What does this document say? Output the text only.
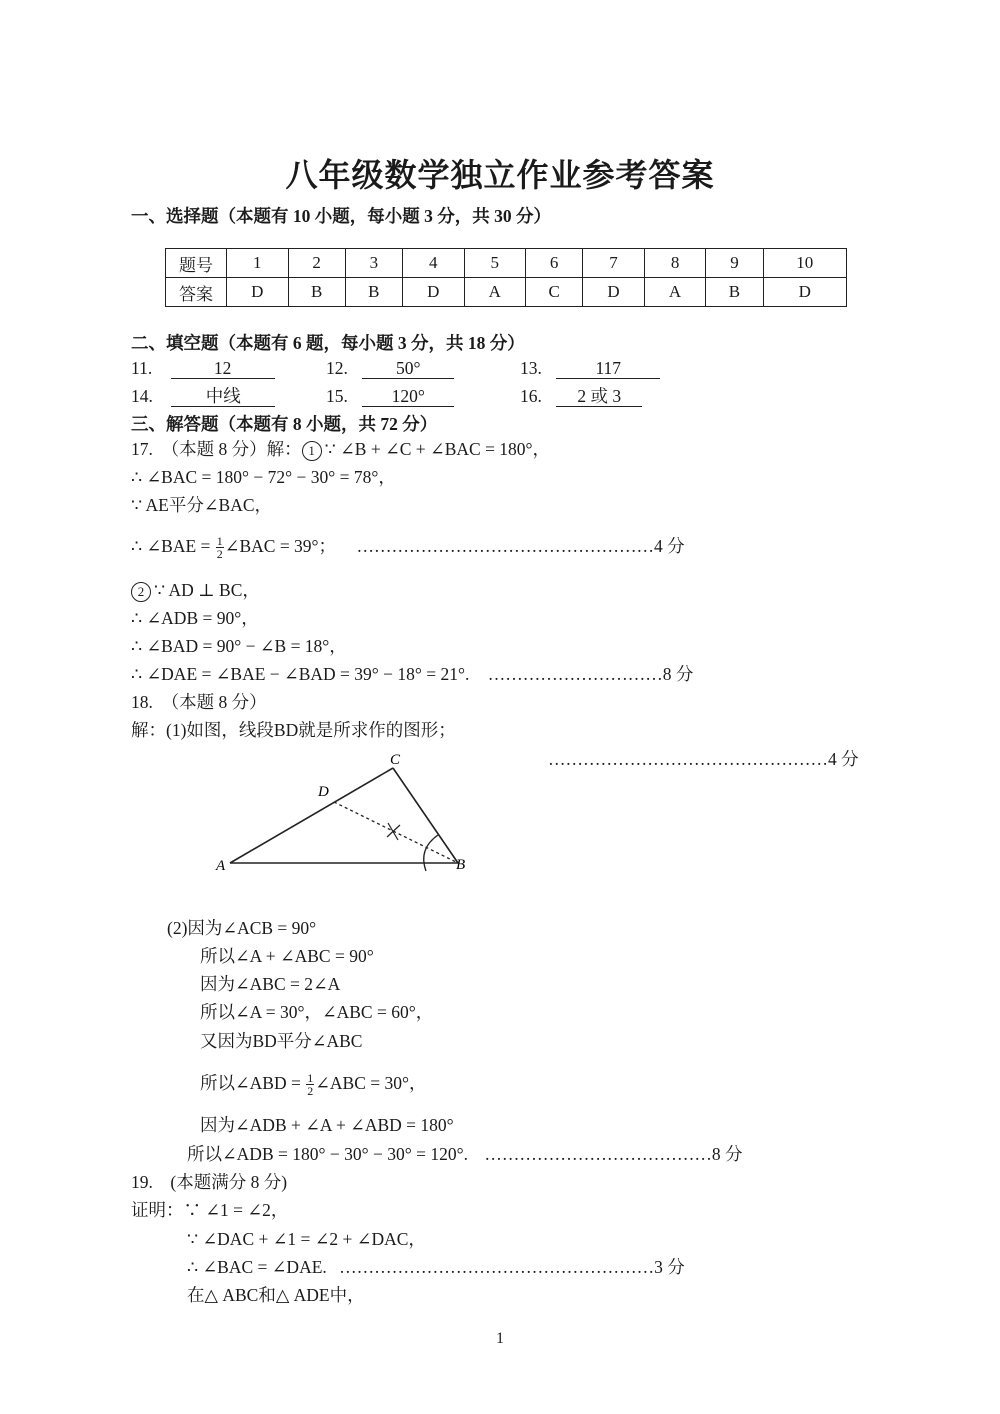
八年级数学独立作业参考答案
一、选择题（本题有 10 小题，每小题 3 分，共 30 分）
题号	1	2	3	4	5	6	7	8	9	10
答案	D	B	B	D	A	C	D	A	B	D
二、填空题（本题有 6 题，每小题 3 分，共 18 分）
11.	12	12.	50°	13.	117
14.	中线	15.	120°	16. 2 或 3
三、解答题（本题有 8 小题，共 72 分）
17.　（本题 8 分）解： 1 ∵ ∠B + ∠C + ∠BAC = 180°，
∴ ∠BAC = 180° − 72° − 30° = 78°，
∵ AE平分∠BAC，
∴ ∠BAE = $\frac{1}{2}$ ∠BAC = 39°； ……………………………………………4 分
2 ∵ AD ⊥ BC，
∴ ∠ADB = 90°，
∴ ∠BAD = 90° − ∠B = 18°，
∴ ∠DAE = ∠BAE − ∠BAD = 39° − 18° = 21°. …………………………8 分
18.　（本题 8 分）
解：(1)如图，线段BD就是所求作的图形；
…………………………………………4 分
A	B
C
D
(2)因为∠ACB = 90°
所以∠A + ∠ABC = 90°
因为∠ABC = 2∠A
所以∠A = 30°，∠ABC = 60°，
又因为BD平分∠ABC
所以∠ABD = $\frac{1}{2}$ ∠ABC = 30°，
因为∠ADB + ∠A + ∠ABD = 180°
所以∠ADB = 180° − 30° − 30° = 120°. …………………………………8 分
19.　(本题满分 8 分)
证明：∵ ∠1 = ∠2，
∵ ∠DAC + ∠1 = ∠2 + ∠DAC，
∴ ∠BAC = ∠DAE. ………………………………………………3 分
在△ ABC和△ ADE中，
1
